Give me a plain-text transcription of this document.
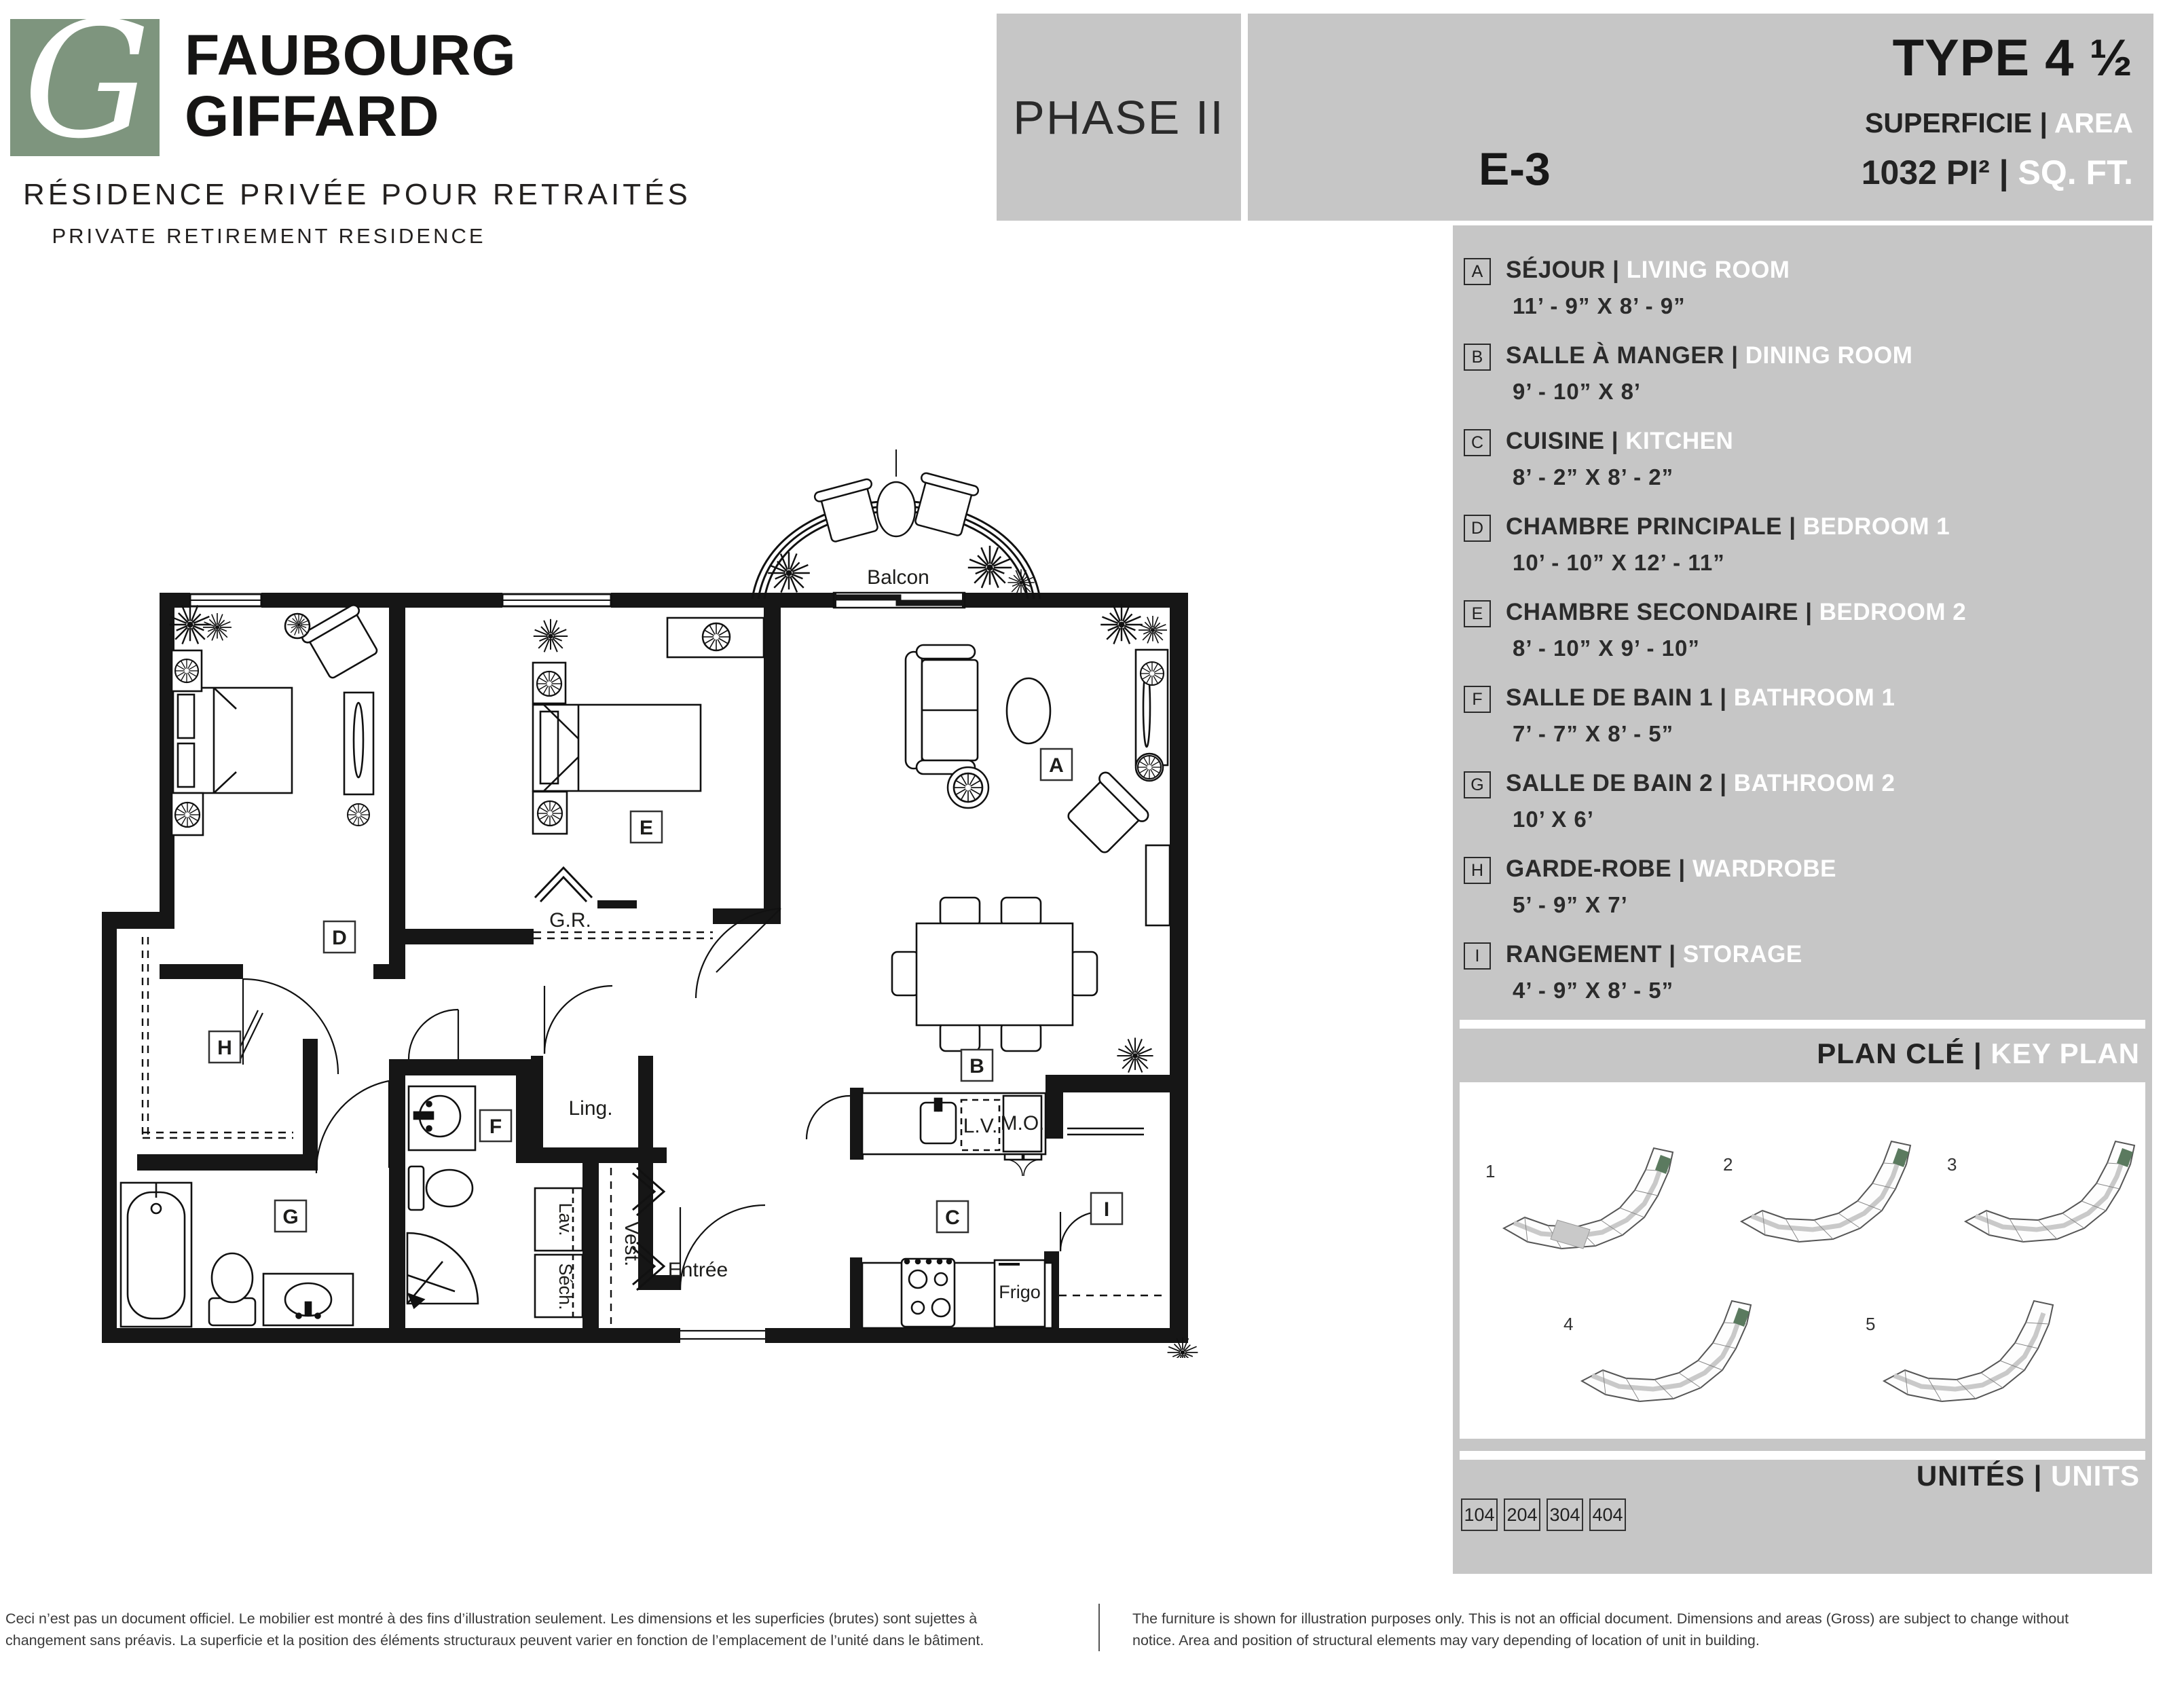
G FAUBOURG
GIFFARD
RÉSIDENCE PRIVÉE POUR RETRAITÉS
PRIVATE RETIREMENT RESIDENCE
PHASE II
TYPE 4 ½
SUPERFICIE | AREA
1032 PI² | SQ. FT.
E-3
A
B
C
D
E
F
G
H
I
Balcon
G.R.
Ling.
Vest.
Lav.
Séch.	Entrée
L.V. M.O.
Frigo
A SÉJOUR | LIVING ROOM
11’ - 9” X 8’ - 9”
B SALLE À MANGER | DINING ROOM
9’ - 10” X 8’
C CUISINE | KITCHEN
8’ - 2” X 8’ - 2”
D CHAMBRE PRINCIPALE | BEDROOM 1
10’ - 10” X 12’ - 11”
E CHAMBRE SECONDAIRE | BEDROOM 2
8’ - 10” X 9’ - 10”
F SALLE DE BAIN 1 | BATHROOM 1
7’ - 7” X 8’ - 5”
G SALLE DE BAIN 2 | BATHROOM 2
10’ X 6’
H GARDE-ROBE | WARDROBE
5’ - 9” X 7’
I	RANGEMENT | STORAGE
4’ - 9” X 8’ - 5”
PLAN CLÉ | KEY PLAN
1	2	3
4	5
UNITÉS | UNITS
104 204 304 404
Ceci n’est pas un document officiel. Le mobilier est montré à des fins d’illustration seulement. Les dimensions et les superficies (brutes) sont sujettes à
changement sans préavis. La superficie et la position des éléments structuraux peuvent varier en fonction de l’emplacement de l’unité dans le bâtiment.
The furniture is shown for illustration purposes only. This is not an official document. Dimensions and areas (Gross) are subject to change without
notice. Area and position of structural elements may vary depending of location of unit in building.
